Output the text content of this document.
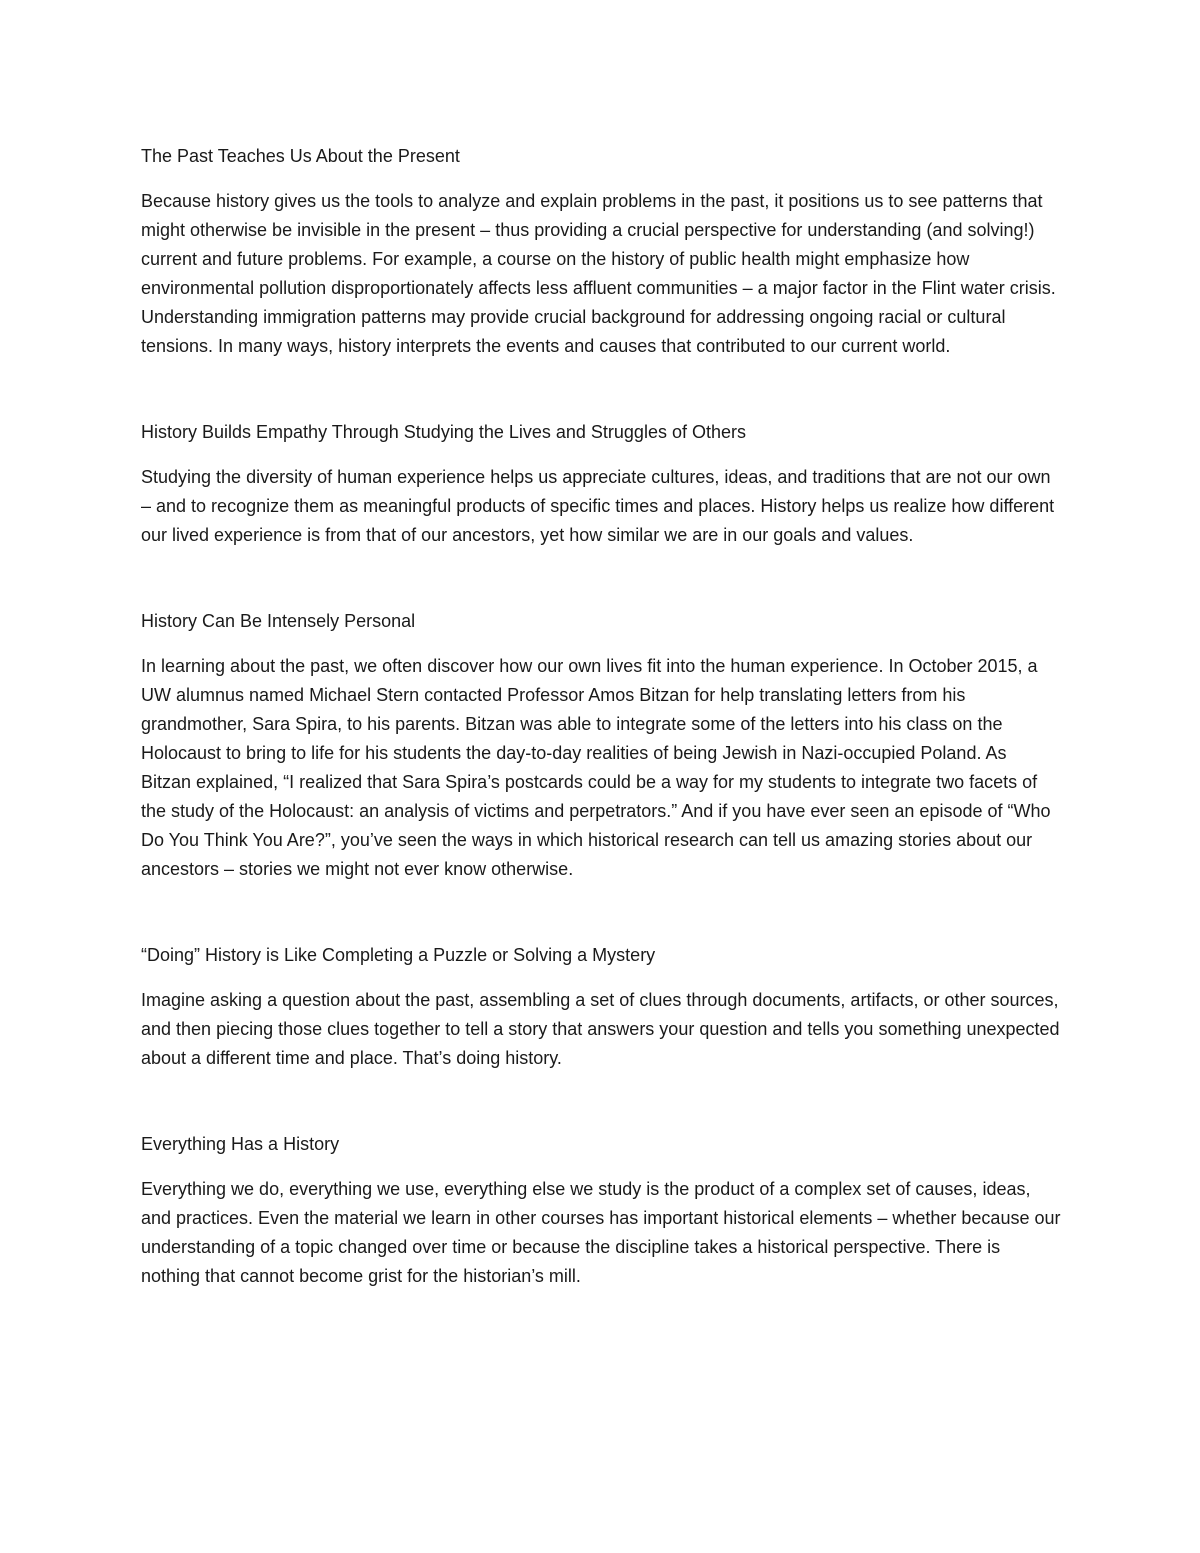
The Past Teaches Us About the Present

Because history gives us the tools to analyze and explain problems in the past, it positions us to see patterns that might otherwise be invisible in the present – thus providing a crucial perspective for understanding (and solving!) current and future problems. For example, a course on the history of public health might emphasize how environmental pollution disproportionately affects less affluent communities – a major factor in the Flint water crisis. Understanding immigration patterns may provide crucial background for addressing ongoing racial or cultural tensions. In many ways, history interprets the events and causes that contributed to our current world.

History Builds Empathy Through Studying the Lives and Struggles of Others

Studying the diversity of human experience helps us appreciate cultures, ideas, and traditions that are not our own – and to recognize them as meaningful products of specific times and places. History helps us realize how different our lived experience is from that of our ancestors, yet how similar we are in our goals and values.

History Can Be Intensely Personal

In learning about the past, we often discover how our own lives fit into the human experience. In October 2015, a UW alumnus named Michael Stern contacted Professor Amos Bitzan for help translating letters from his grandmother, Sara Spira, to his parents. Bitzan was able to integrate some of the letters into his class on the Holocaust to bring to life for his students the day-to-day realities of being Jewish in Nazi-occupied Poland. As Bitzan explained, “I realized that Sara Spira’s postcards could be a way for my students to integrate two facets of the study of the Holocaust: an analysis of victims and perpetrators.” And if you have ever seen an episode of “Who Do You Think You Are?”, you’ve seen the ways in which historical research can tell us amazing stories about our ancestors – stories we might not ever know otherwise.

“Doing” History is Like Completing a Puzzle or Solving a Mystery

Imagine asking a question about the past, assembling a set of clues through documents, artifacts, or other sources, and then piecing those clues together to tell a story that answers your question and tells you something unexpected about a different time and place. That’s doing history.

Everything Has a History

Everything we do, everything we use, everything else we study is the product of a complex set of causes, ideas, and practices. Even the material we learn in other courses has important historical elements – whether because our understanding of a topic changed over time or because the discipline takes a historical perspective. There is nothing that cannot become grist for the historian’s mill.
